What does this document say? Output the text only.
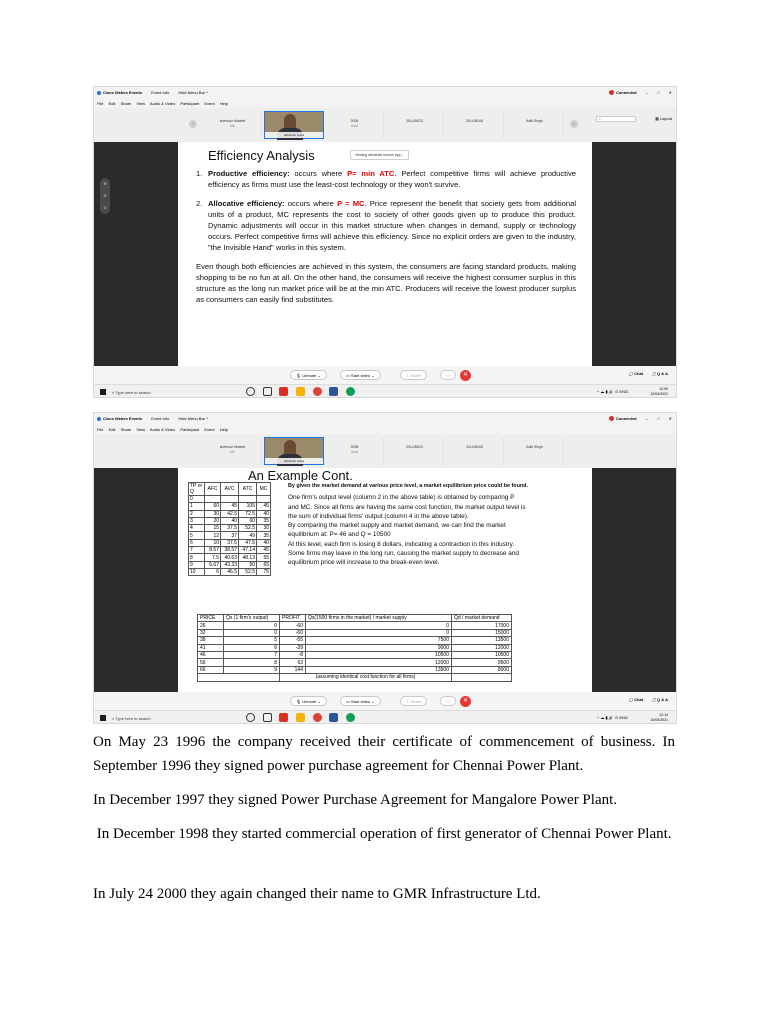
Cisco Webex Events Event Info Hide Menu Bar ^	Connected – □ ✕
File Edit Share View Audio & Video Participant Event Help
‹	shehnaz bhaleel
Me
abhishek sinha
2008
Host
20LUB023	20LUB168	Aditi Singh	›
⌕	▦ Layout
⊕
⊖
⊙
Efficiency Analysis	Viewing abhishek sinha's app...
1. Productive efficiency: occurs where P= min ATC. Perfect competitive firms will achieve productive efficiency as firms must use the least-cost technology or they won't survive.
2. Allocative efficiency: occurs where P = MC. Price represent the benefit that society gets from additional units of a product, MC represents the cost to society of other goods given up to produce this product. Dynamic adjustments will occur in this market structure when changes in demand, supply or technology occurs. Perfect competitive firms will achieve this efficiency. Since no explicit orders are given to the industry, "the Invisible Hand" works in this system.
Even though both efficiencies are achieved in this system, the consumers are facing standard products, making shopping to be no fun at all. On the other hand, the consumers will receive the highest consumer surplus in this structure as the long run market price will be at the min ATC. Producers will receive the lowest producer surplus as consumers can easily find substitutes.
🎙 Unmute ⌄	▭ Start video ⌄	⇪ Share	···	✕	◯ Chat ▢ Q & A
⌕ Type here to search
	^ ☁ ▮ 🔊 ⊙ ENG	12:09
10/04/2021
Cisco Webex Events Event Info Hide Menu Bar ^	Connected – □ ✕
File Edit Share View Audio & Video Participant Event Help
shehnaz bhaleel
Me
abhishek sinha
2008
Host
20LUB023	20LUB168	Aditi Singh
An Example Cont.
TP or Q	AFC	AVC	ATC	MC
0				
1	60	45	105	45
2	30	42.5	72.5	40
3	20	40	60	35
4	15	37.5	52.5	30
5	12	37	49	35
6	10	37.5	47.5	40
7	8.57	38.57	47.14	45
8	7.5	40.63	48.13	55
9	6.67	43.33	50	65
10	6	46.5	52.5	75
By given the market demand at various price level, a market equilibrium price could be found.
One firm's output level (column 2 in the above table) is obtained by comparing P
and MC. Since all firms are having the same cost function, the market output level is
the sum of individual firms' output (column 4 in the above table).
By comparing the market supply and market demand, we can find the market
equilibrium at: P= 46 and Q = 10500
At this level, each firm is losing 8 dollars, indicating a contraction in this industry.
Some firms may leave in the long run, causing the market supply to decrease and
equilibrium price will increase to the break-even level.
PRICE	Qs (1 firm's output)	PROFIT	Qs(1500 firms in the market) / market supply	Qd / market demand
26	0	-60	0	17000
32	0	-60	0	15000
38	5	-55	7500	13500
41	6	-39	9000	12000
46	7	-8	10500	10500
56	8	63	12000	9500
66	9	144	13500	8000
		(assuming identical cost function for all firms)		
🎙 Unmute ⌄	▭ Start video ⌄	⇪ Share	···	✕	◯ Chat ▢ Q & A
⌕ Type here to search
	^ ☁ ▮ 🔊 ⊙ ENG	12:14
10/04/2021

On May 23 1996 the company received their certificate of commencement of business. In September 1996 they signed power purchase agreement for Chennai Power Plant.

In December 1997 they signed Power Purchase Agreement for Mangalore Power Plant.

In December 1998 they started commercial operation of first generator of Chennai Power Plant.

In July 24 2000 they again changed their name to GMR Infrastructure Ltd.
